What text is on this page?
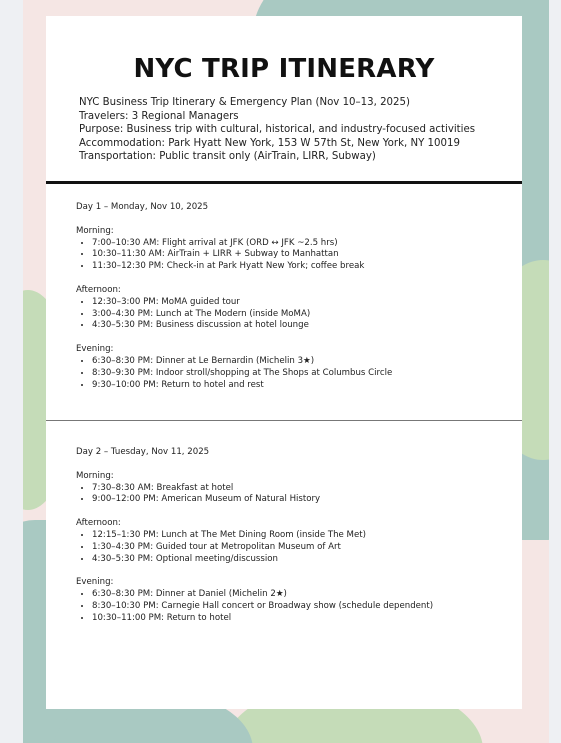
NYC TRIP ITINERARY
NYC Business Trip Itinerary & Emergency Plan (Nov 10–13, 2025)
Travelers: 3 Regional Managers
Purpose: Business trip with cultural, historical, and industry-focused activities
Accommodation: Park Hyatt New York, 153 W 57th St, New York, NY 10019
Transportation: Public transit only (AirTrain, LIRR, Subway)
Day 1 – Monday, Nov 10, 2025
Morning:
• 7:00–10:30 AM: Flight arrival at JFK (ORD ↔ JFK ~2.5 hrs)
• 10:30–11:30 AM: AirTrain + LIRR + Subway to Manhattan
• 11:30–12:30 PM: Check-in at Park Hyatt New York; coffee break
Afternoon:
• 12:30–3:00 PM: MoMA guided tour
• 3:00–4:30 PM: Lunch at The Modern (inside MoMA)
• 4:30–5:30 PM: Business discussion at hotel lounge
Evening:
• 6:30–8:30 PM: Dinner at Le Bernardin (Michelin 3★)
• 8:30–9:30 PM: Indoor stroll/shopping at The Shops at Columbus Circle
• 9:30–10:00 PM: Return to hotel and rest
Day 2 – Tuesday, Nov 11, 2025
Morning:
• 7:30–8:30 AM: Breakfast at hotel
• 9:00–12:00 PM: American Museum of Natural History
Afternoon:
• 12:15–1:30 PM: Lunch at The Met Dining Room (inside The Met)
• 1:30–4:30 PM: Guided tour at Metropolitan Museum of Art
• 4:30–5:30 PM: Optional meeting/discussion
Evening:
• 6:30–8:30 PM: Dinner at Daniel (Michelin 2★)
• 8:30–10:30 PM: Carnegie Hall concert or Broadway show (schedule dependent)
• 10:30–11:00 PM: Return to hotel
